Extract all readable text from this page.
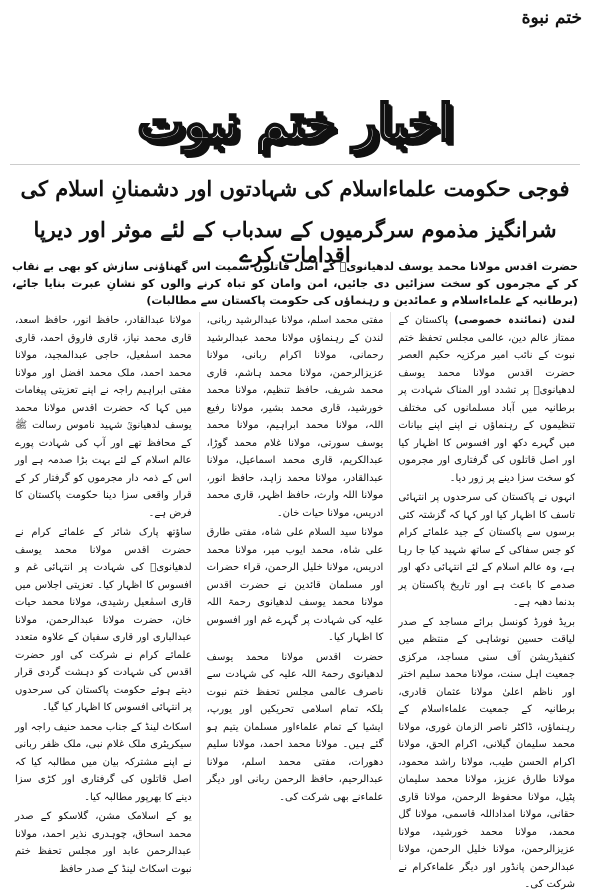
ختم نبوة
اخبار ختم نبوت
فوجی حکومت علماءاسلام کی شہادتوں اور دشمنانِ اسلام کی
شرانگیز مذموم سرگرمیوں کے سدباب کے لئے موثر اور دیرپا اقدامات کرے

حضرت اقدس مولانا محمد یوسف لدھیانویؒ کے اصل قاتلوں سمیت اس گھناؤنی سازش کو بھی بے نقاب کر کے مجرموں کو سخت سزائیں دی جائیں، امن وامان کو تباہ کرنے والوں کو نشانِ عبرت بنایا جائے، (برطانیہ کے علماءاسلام و عمائدین و رہنماؤں کی حکومت پاکستان سے مطالبات)

لندن (نمائندہ خصوصی) پاکستان کے ممتاز عالم دین، عالمی مجلس تحفظ ختم نبوت کے نائب امیر مرکزیہ حکیم العصر حضرت اقدس مولانا محمد یوسف لدھیانویؒ پر تشدد اور المناک شہادت پر برطانیہ میں آباد مسلمانوں کی مختلف تنظیموں کے رہنماؤں نے اپنے اپنے بیانات میں گہرے دکھ اور افسوس کا اظہار کیا اور اصل قاتلوں کی گرفتاری اور مجرموں کو سخت سزا دینے پر زور دیا۔

انہوں نے پاکستان کی سرحدوں پر انتہائی تاسف کا اظہار کیا اور کہا کہ گزشتہ کئی برسوں سے پاکستان کے جید علمائے کرام کو جس سفاکی کے ساتھ شہید کیا جا رہا ہے، وہ عالم اسلام کے لئے انتہائی دکھ اور صدمے کا باعث ہے اور تاریخ پاکستان پر بدنما دھبہ ہے۔

بریڈ فورڈ کونسل برائے مساجد کے صدر لیاقت حسین نوشاہی کے منتظم میں کنفیڈریشن آف سنی مساجد، مرکزی جمعیت اہل سنت، مولانا محمد سلیم اختر اور ناظم اعلیٰ مولانا عثمان قادری، برطانیہ کے جمعیت علماءاسلام کے رہنماؤں، ڈاکٹر ناصر الزمان غوری، مولانا محمد سلیمان گیلانی، اکرام الحق، مولانا اکرام الحسن طیب، مولانا راشد محمود، مولانا طارق عزیز، مولانا محمد سلیمان پٹیل، مولانا محفوظ الرحمن، مولانا قاری حقانی، مولانا امداداللہ قاسمی، مولانا گل محمد، مولانا محمد خورشید، مولانا عزیزالرحمن، مولانا خلیل الرحمن، مولانا عبدالرحمن پانڈور اور دیگر علماءکرام نے شرکت کی۔

مفتی محمد اسلم، مولانا عبدالرشید ربانی، لندن کے رہنماؤں مولانا محمد عبدالرشید رحمانی، مولانا اکرام ربانی، مولانا عزیزالرحمن، مولانا محمد ہاشم، قاری محمد شریف، حافظ تنظیم، مولانا محمد خورشید، قاری محمد بشیر، مولانا رفیع اللہ، مولانا محمد ابراہیم، مولانا محمد یوسف سورتی، مولانا غلام محمد گوڑا، عبدالکریم، قاری محمد اسماعیل، مولانا عبدالقادر، مولانا محمد زاہد، حافظ انور، مولانا اللہ وارث، حافظ اظہر، قاری محمد ادریس، مولانا حیات خان۔

مولانا سید السلام علی شاہ، مفتی طارق علی شاہ، محمد ایوب میر، مولانا محمد ادریس، مولانا خلیل الرحمن، قراء حضرات اور مسلمان قائدین نے حضرت اقدس مولانا محمد یوسف لدھیانوی رحمۃ اللہ علیہ کی شہادت پر گہرے غم اور افسوس کا اظہار کیا۔

حضرت اقدس مولانا محمد یوسف لدھیانوی رحمۃ اللہ علیہ کی شہادت سے ناصرف عالمی مجلس تحفظ ختم نبوت بلکہ تمام اسلامی تحریکیں اور یورپ، ایشیا کے تمام علماءاور مسلمان یتیم ہو گئے ہیں۔ مولانا محمد احمد، مولانا سلیم دھورات، مفتی محمد اسلم، مولانا عبدالرحیم، حافظ الرحمن ربانی اور دیگر علماءنے بھی شرکت کی۔

مولانا عبدالقادر، حافظ انور، حافظ اسعد، قاری محمد نیاز، قاری فاروق احمد، قاری محمد اسمٰعیل، حاجی عبدالمجید، مولانا محمد احمد، ملک محمد افضل اور مولانا مفتی ابراہیم راجہ نے اپنے تعزیتی پیغامات میں کہا کہ حضرت اقدس مولانا محمد یوسف لدھیانویؒ شہید ناموس رسالت ﷺ کے محافظ تھے اور آپ کی شہادت پورے عالم اسلام کے لئے بہت بڑا صدمہ ہے اور اس کے ذمہ دار مجرموں کو گرفتار کر کے قرار واقعی سزا دینا حکومت پاکستان کا فرض ہے۔

ساؤتھ پارک شائر کے علمائے کرام نے حضرت اقدس مولانا محمد یوسف لدھیانویؒ کی شہادت پر انتہائی غم و افسوس کا اظہار کیا۔ تعزیتی اجلاس میں قاری اسمٰعیل رشیدی، مولانا محمد حیات خان، حضرت مولانا عبدالرحمن، مولانا عبدالباری اور قاری سفیان کے علاوہ متعدد علمائے کرام نے شرکت کی اور حضرت اقدس کی شہادت کو دہشت گردی قرار دیتے ہوئے حکومت پاکستان کی سرحدوں پر انتہائی افسوس کا اظہار کیا گیا۔

اسکاٹ لینڈ کے جناب محمد حنیف راجہ اور سیکریٹری ملک غلام نبی، ملک ظفر ربانی نے اپنے مشترکہ بیان میں مطالبہ کیا کہ اصل قاتلوں کی گرفتاری اور کڑی سزا دینے کا بھرپور مطالبہ کیا۔

یو کے اسلامک مشن، گلاسکو کے صدر محمد اسحاق، چوہدری نذیر احمد، مولانا عبدالرحمن عابد اور مجلس تحفظ ختم نبوت اسکاٹ لینڈ کے صدر حافظ
